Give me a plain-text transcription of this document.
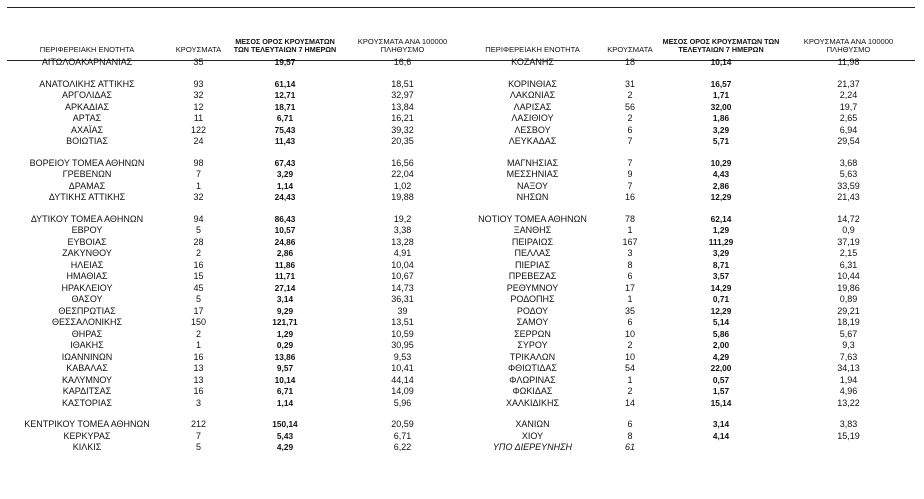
ΠΕΡΙΦΕΡΕΙΑΚΗ ΕΝΟΤΗΤΑ	ΚΡΟΥΣΜΑΤΑ	ΜΕΣΟΣ ΟΡΟΣ ΚΡΟΥΣΜΑΤΩΝ ΤΩΝ ΤΕΛΕΥΤΑΙΩΝ 7 ΗΜΕΡΩΝ	ΚΡΟΥΣΜΑΤΑ ΑΝΑ 100000 ΠΛΗΘΥΣΜΟ	ΠΕΡΙΦΕΡΕΙΑΚΗ ΕΝΟΤΗΤΑ	ΚΡΟΥΣΜΑΤΑ	ΜΕΣΟΣ ΟΡΟΣ ΚΡΟΥΣΜΑΤΩΝ ΤΩΝ ΤΕΛΕΥΤΑΙΩΝ 7 ΗΜΕΡΩΝ	ΚΡΟΥΣΜΑΤΑ ΑΝΑ 100000 ΠΛΗΘΥΣΜΟ
ΑΙΤΩΛΟΑΚΑΡΝΑΝΙΑΣ	35	19,57	16,6	ΚΟΖΑΝΗΣ	18	10,14	11,98

ΑΝΑΤΟΛΙΚΗΣ ΑΤΤΙΚΗΣ	93	61,14	18,51	ΚΟΡΙΝΘΙΑΣ	31	16,57	21,37
ΑΡΓΟΛΙΔΑΣ	32	12,71	32,97	ΛΑΚΩΝΙΑΣ	2	1,71	2,24
ΑΡΚΑΔΙΑΣ	12	18,71	13,84	ΛΑΡΙΣΑΣ	56	32,00	19,7
ΑΡΤΑΣ	11	6,71	16,21	ΛΑΣΙΘΙΟΥ	2	1,86	2,65
ΑΧΑΪΑΣ	122	75,43	39,32	ΛΕΣΒΟΥ	6	3,29	6,94
ΒΟΙΩΤΙΑΣ	24	11,43	20,35	ΛΕΥΚΑΔΑΣ	7	5,71	29,54

ΒΟΡΕΙΟΥ ΤΟΜΕΑ ΑΘΗΝΩΝ	98	67,43	16,56	ΜΑΓΝΗΣΙΑΣ	7	10,29	3,68
ΓΡΕΒΕΝΩΝ	7	3,29	22,04	ΜΕΣΣΗΝΙΑΣ	9	4,43	5,63
ΔΡΑΜΑΣ	1	1,14	1,02	ΝΑΞΟΥ	7	2,86	33,59
ΔΥΤΙΚΗΣ ΑΤΤΙΚΗΣ	32	24,43	19,88	ΝΗΣΩΝ	16	12,29	21,43

ΔΥΤΙΚΟΥ ΤΟΜΕΑ ΑΘΗΝΩΝ	94	86,43	19,2	ΝΟΤΙΟΥ ΤΟΜΕΑ ΑΘΗΝΩΝ	78	62,14	14,72
ΕΒΡΟΥ	5	10,57	3,38	ΞΑΝΘΗΣ	1	1,29	0,9
ΕΥΒΟΙΑΣ	28	24,86	13,28	ΠΕΙΡΑΙΩΣ	167	111,29	37,19
ΖΑΚΥΝΘΟΥ	2	2,86	4,91	ΠΕΛΛΑΣ	3	3,29	2,15
ΗΛΕΙΑΣ	16	11,86	10,04	ΠΙΕΡΙΑΣ	8	8,71	6,31
ΗΜΑΘΙΑΣ	15	11,71	10,67	ΠΡΕΒΕΖΑΣ	6	3,57	10,44
ΗΡΑΚΛΕΙΟΥ	45	27,14	14,73	ΡΕΘΥΜΝΟΥ	17	14,29	19,86
ΘΑΣΟΥ	5	3,14	36,31	ΡΟΔΟΠΗΣ	1	0,71	0,89
ΘΕΣΠΡΩΤΙΑΣ	17	9,29	39	ΡΟΔΟΥ	35	12,29	29,21
ΘΕΣΣΑΛΟΝΙΚΗΣ	150	121,71	13,51	ΣΑΜΟΥ	6	5,14	18,19
ΘΗΡΑΣ	2	1,29	10,59	ΣΕΡΡΩΝ	10	5,86	5,67
ΙΘΑΚΗΣ	1	0,29	30,95	ΣΥΡΟΥ	2	2,00	9,3
ΙΩΑΝΝΙΝΩΝ	16	13,86	9,53	ΤΡΙΚΑΛΩΝ	10	4,29	7,63
ΚΑΒΑΛΑΣ	13	9,57	10,41	ΦΘΙΩΤΙΔΑΣ	54	22,00	34,13
ΚΑΛΥΜΝΟΥ	13	10,14	44,14	ΦΛΩΡΙΝΑΣ	1	0,57	1,94
ΚΑΡΔΙΤΣΑΣ	16	6,71	14,09	ΦΩΚΙΔΑΣ	2	1,57	4,96
ΚΑΣΤΟΡΙΑΣ	3	1,14	5,96	ΧΑΛΚΙΔΙΚΗΣ	14	15,14	13,22

ΚΕΝΤΡΙΚΟΥ ΤΟΜΕΑ ΑΘΗΝΩΝ	212	150,14	20,59	ΧΑΝΙΩΝ	6	3,14	3,83
ΚΕΡΚΥΡΑΣ	7	5,43	6,71	ΧΙΟΥ	8	4,14	15,19
ΚΙΛΚΙΣ	5	4,29	6,22	ΥΠΟ ΔΙΕΡΕΥΝΗΣΗ	61		
